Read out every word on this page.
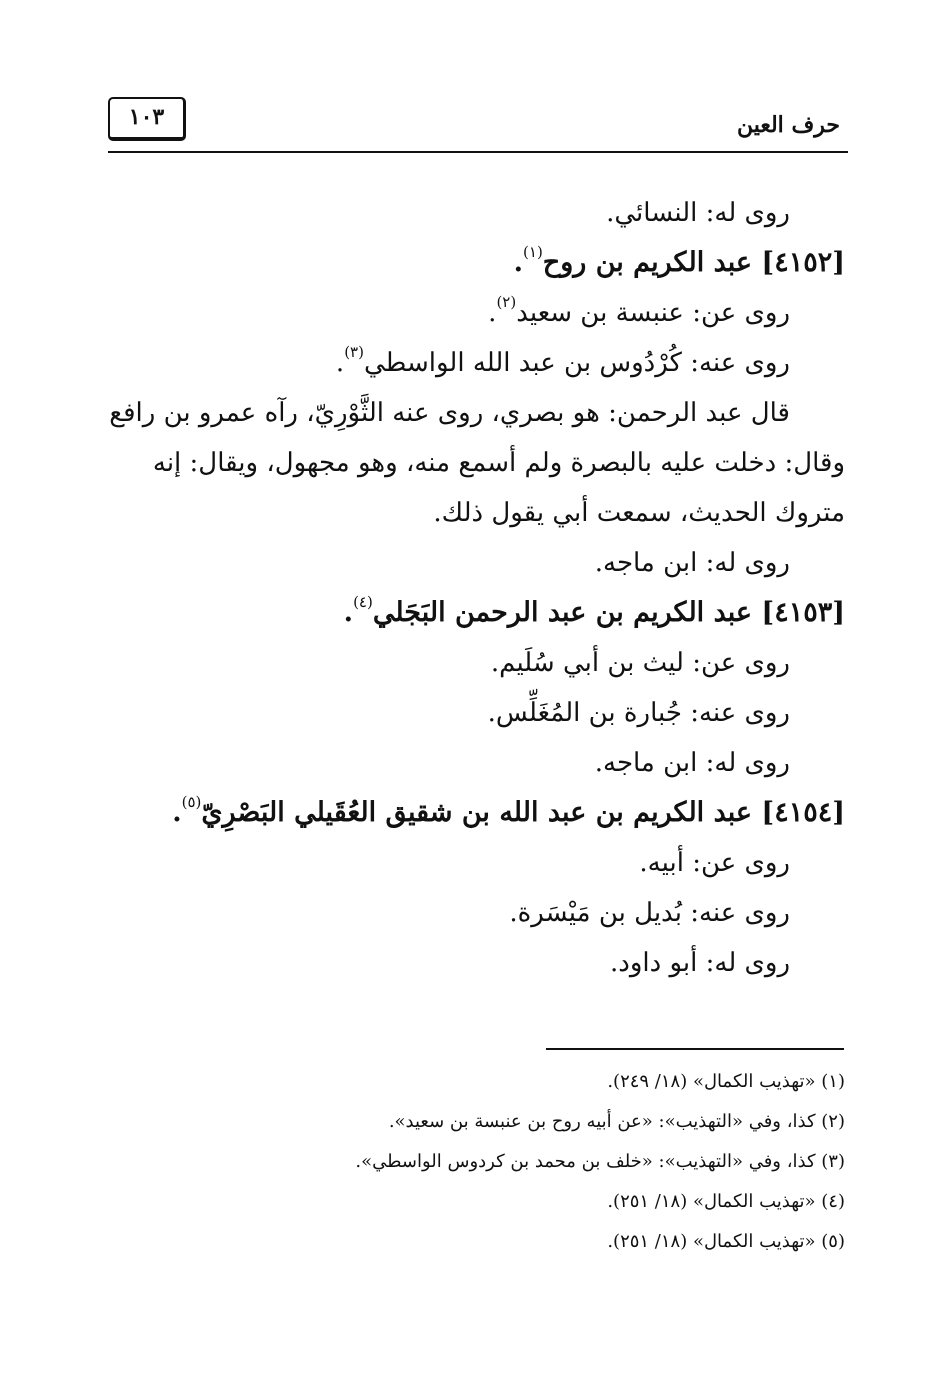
حرف العين
١٠٣
روى له: النسائي.
[٤١٥٢] عبد الكريم بن روح$^{(١)}$.
روى عن: عنبسة بن سعيد$^{(٢)}$.
روى عنه: كُرْدُوس بن عبد الله الواسطي$^{(٣)}$.
قال عبد الرحمن: هو بصري، روى عنه الثَّوْرِيّ، رآه عمرو بن رافع
وقال: دخلت عليه بالبصرة ولم أسمع منه، وهو مجهول، ويقال: إنه
متروك الحديث، سمعت أبي يقول ذلك.
روى له: ابن ماجه.
[٤١٥٣] عبد الكريم بن عبد الرحمن البَجَلي$^{(٤)}$.
روى عن: ليث بن أبي سُلَيم.
روى عنه: جُبارة بن المُغَلِّس.
روى له: ابن ماجه.
[٤١٥٤] عبد الكريم بن عبد الله بن شقيق العُقَيلي البَصْرِيّ$^{(٥)}$.
روى عن: أبيه.
روى عنه: بُديل بن مَيْسَرة.
روى له: أبو داود.
(١) «تهذيب الكمال» (١٨/ ٢٤٩).
(٢) كذا، وفي «التهذيب»: «عن أبيه روح بن عنبسة بن سعيد».
(٣) كذا، وفي «التهذيب»: «خلف بن محمد بن كردوس الواسطي».
(٤) «تهذيب الكمال» (١٨/ ٢٥١).
(٥) «تهذيب الكمال» (١٨/ ٢٥١).
